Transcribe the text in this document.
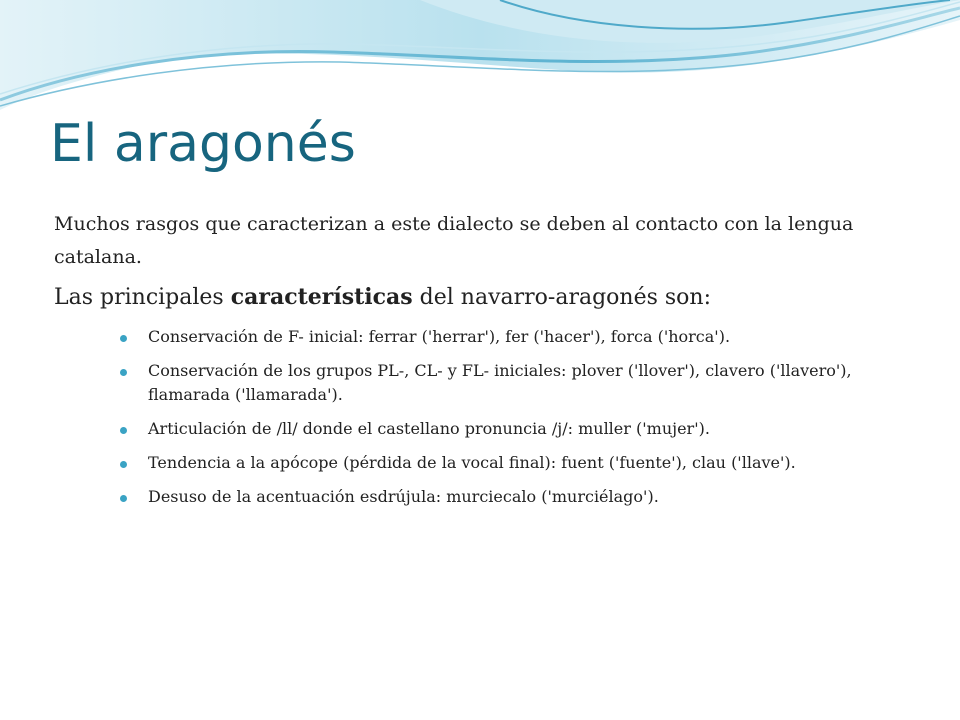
El aragonés

Muchos rasgos que caracterizan a este dialecto se deben al contacto con la lengua catalana.

Las principales características del navarro-aragonés son:

Conservación de F- inicial: ferrar ('herrar'), fer ('hacer'), forca ('horca').
Conservación de los grupos PL-, CL- y FL- iniciales: plover ('llover'), clavero ('llavero'), flamarada ('llamarada').
Articulación de /ll/ donde el castellano pronuncia /j/: muller ('mujer').
Tendencia a la apócope (pérdida de la vocal final): fuent ('fuente'), clau ('llave').
Desuso de la acentuación esdrújula: murciecalo ('murciélago').
